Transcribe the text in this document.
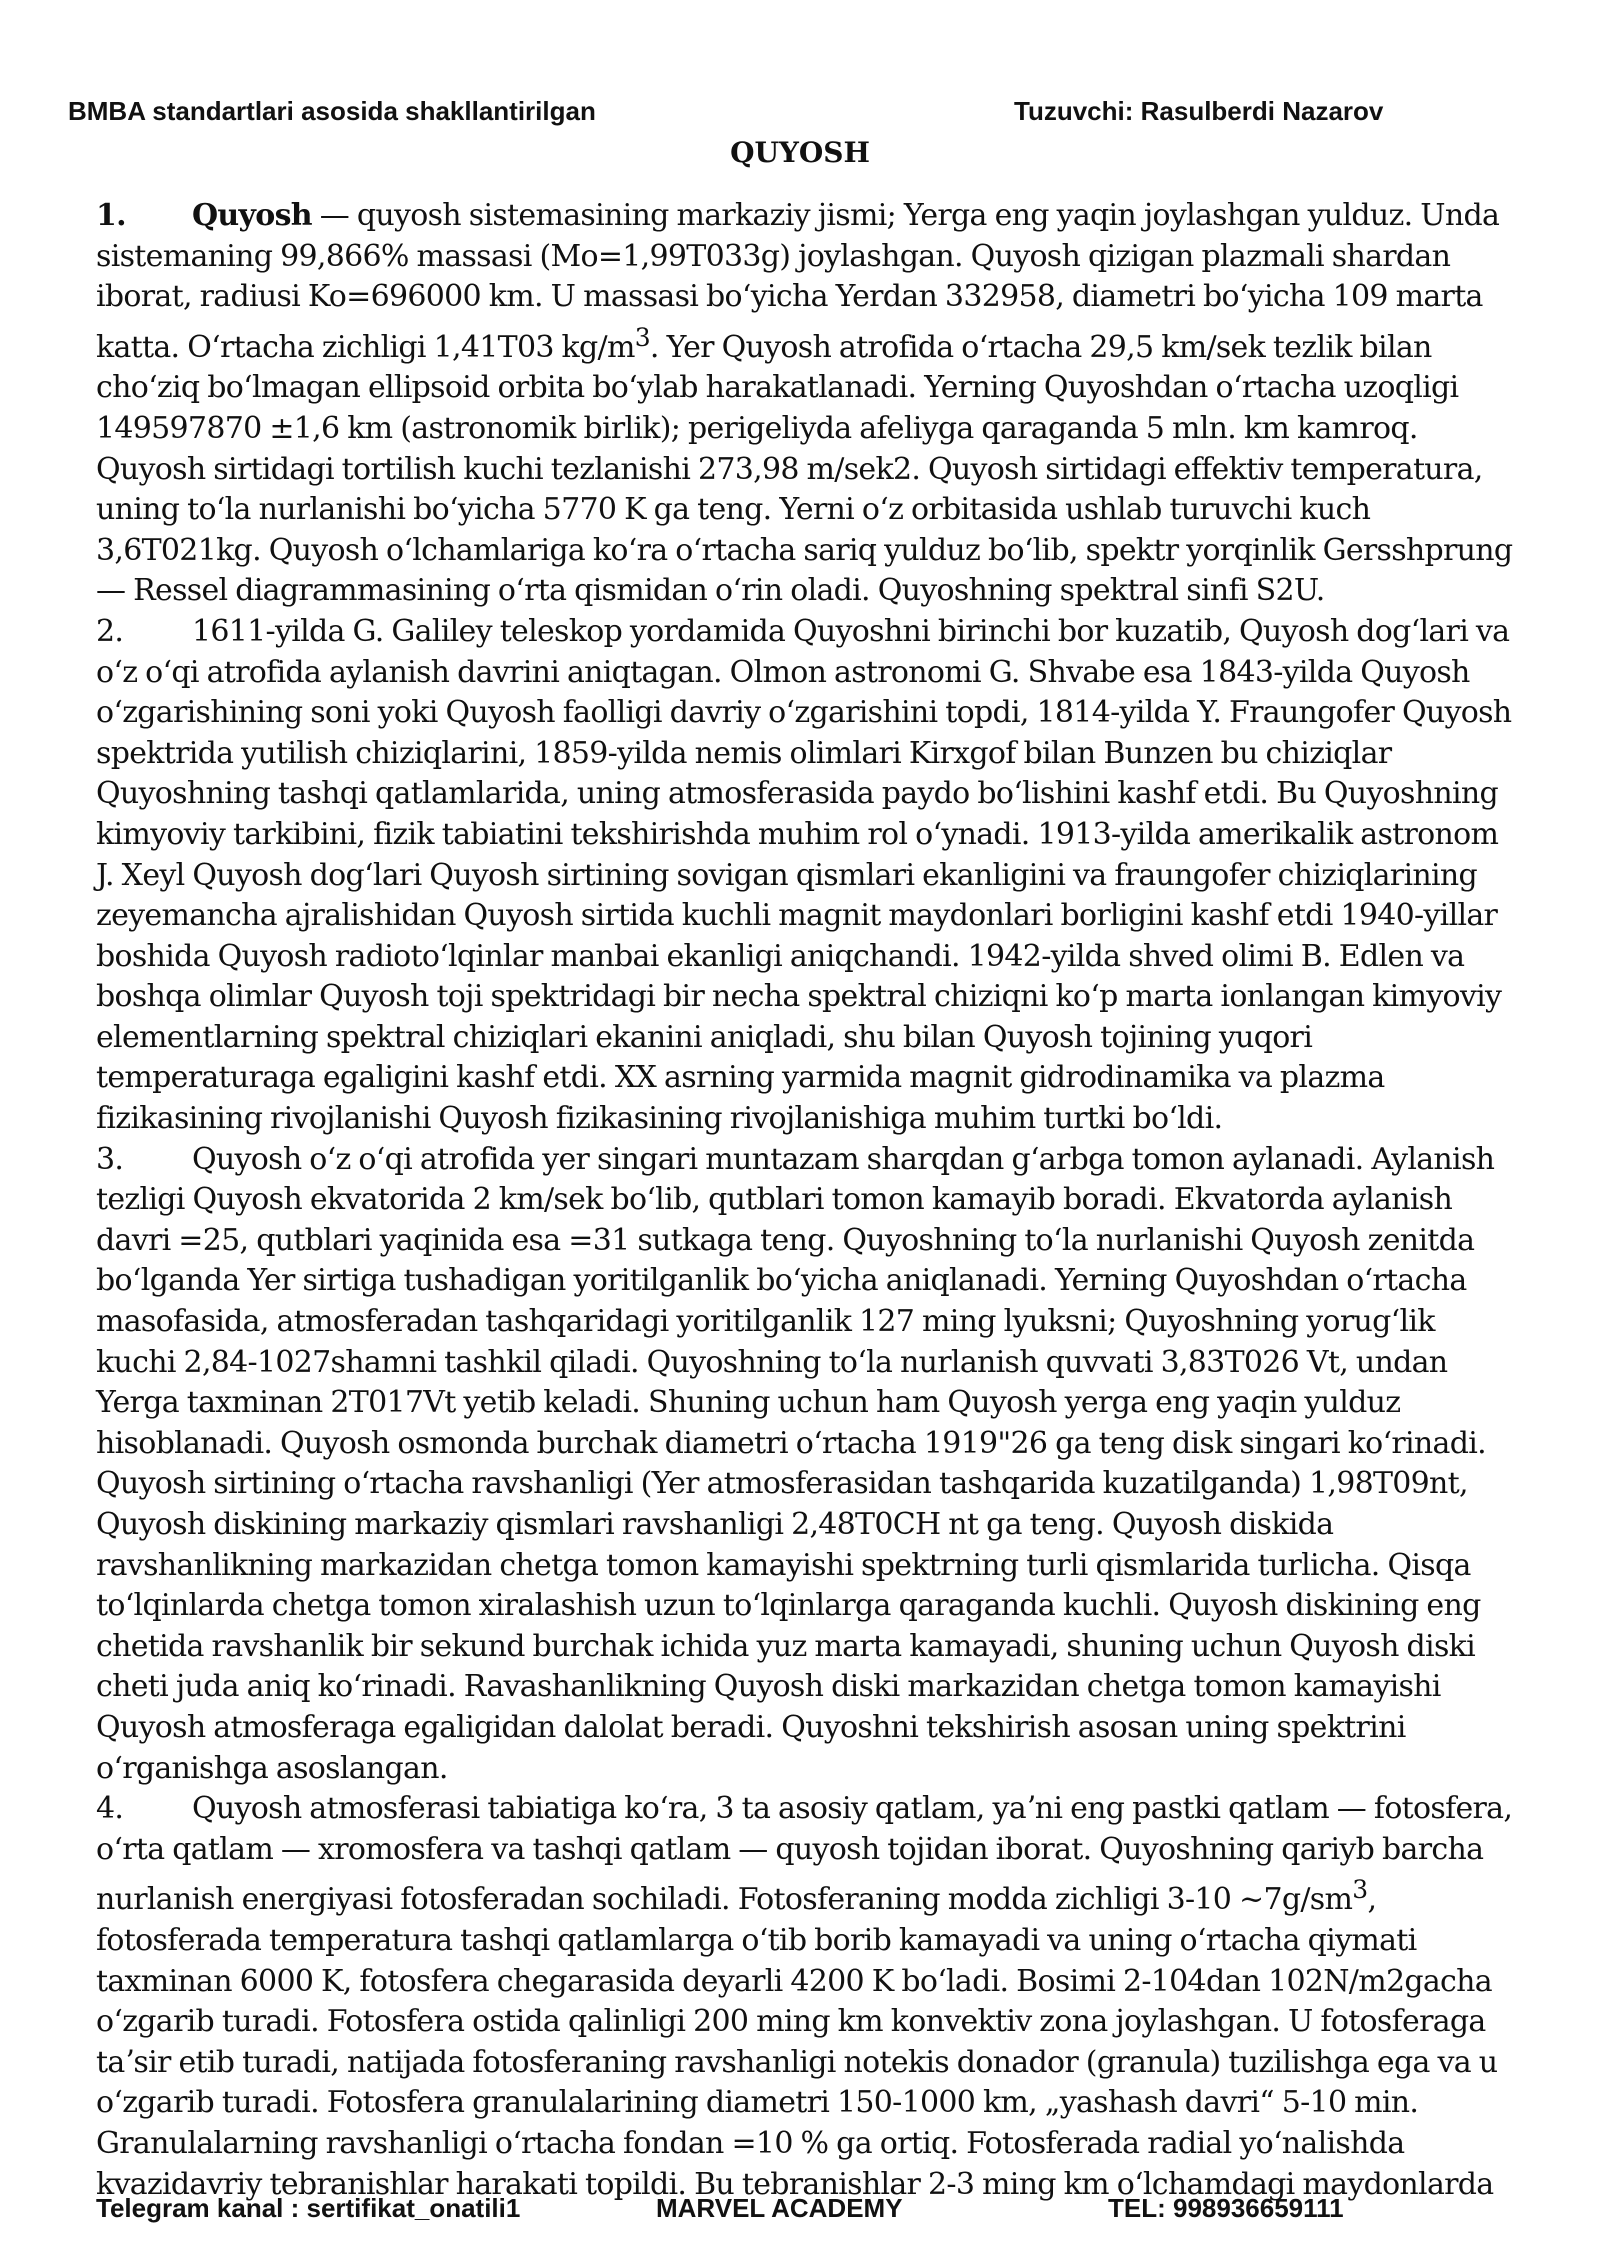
BMBA standartlari asosida shakllantirilgan	Tuzuvchi: Rasulberdi Nazarov
QUYOSH

1. Quyosh — quyosh sistemasining markaziy jismi; Yerga eng yaqin joylashgan yulduz. Unda sistemaning 99,866% massasi (Mo=1,99T033g) joylashgan. Quyosh qizigan plazmali shardan iborat, radiusi Ko=696000 km. U massasi boʻyicha Yerdan 332958, diametri boʻyicha 109 marta katta. Oʻrtacha zichligi 1,41T03 $kg/m^3$. Yer Quyosh atrofida oʻrtacha 29,5 km/sek tezlik bilan choʻziq boʻlmagan ellipsoid orbita boʻylab harakatlanadi. Yerning Quyoshdan oʻrtacha uzoqligi 149597870 ±1,6 km (astronomik birlik); perigeliyda afeliyga qaraganda 5 mln. km kamroq. Quyosh sirtidagi tortilish kuchi tezlanishi 273,98 m/sek2. Quyosh sirtidagi effektiv temperatura, uning toʻla nurlanishi boʻyicha 5770 K ga teng. Yerni oʻz orbitasida ushlab turuvchi kuch 3,6T021kg. Quyosh oʻlchamlariga koʻra oʻrtacha sariq yulduz boʻlib, spektr yorqinlik Gersshprung — Ressel diagrammasining oʻrta qismidan oʻrin oladi. Quyoshning spektral sinfi S2U.

2. 1611-yilda G. Galiley teleskop yordamida Quyoshni birinchi bor kuzatib, Quyosh dogʻlari va oʻz oʻqi atrofida aylanish davrini aniqtagan. Olmon astronomi G. Shvabe esa 1843-yilda Quyosh oʻzgarishining soni yoki Quyosh faolligi davriy oʻzgarishini topdi, 1814-yilda Y. Fraungofer Quyosh spektrida yutilish chiziqlarini, 1859-yilda nemis olimlari Kirxgof bilan Bunzen bu chiziqlar Quyoshning tashqi qatlamlarida, uning atmosferasida paydo boʻlishini kashf etdi. Bu Quyoshning kimyoviy tarkibini, fizik tabiatini tekshirishda muhim rol oʻynadi. 1913-yilda amerikalik astronom J. Xeyl Quyosh dogʻlari Quyosh sirtining sovigan qismlari ekanligini va fraungofer chiziqlarining zeyemancha ajralishidan Quyosh sirtida kuchli magnit maydonlari borligini kashf etdi 1940-yillar boshida Quyosh radiotoʻlqinlar manbai ekanligi aniqchandi. 1942-yilda shved olimi B. Edlen va boshqa olimlar Quyosh toji spektridagi bir necha spektral chiziqni koʻp marta ionlangan kimyoviy elementlarning spektral chiziqlari ekanini aniqladi, shu bilan Quyosh tojining yuqori temperaturaga egaligini kashf etdi. XX asrning yarmida magnit gidrodinamika va plazma fizikasining rivojlanishi Quyosh fizikasining rivojlanishiga muhim turtki boʻldi.

3. Quyosh oʻz oʻqi atrofida yer singari muntazam sharqdan gʻarbga tomon aylanadi. Aylanish tezligi Quyosh ekvatorida 2 km/sek boʻlib, qutblari tomon kamayib boradi. Ekvatorda aylanish davri =25, qutblari yaqinida esa =31 sutkaga teng. Quyoshning toʻla nurlanishi Quyosh zenitda boʻlganda Yer sirtiga tushadigan yoritilganlik boʻyicha aniqlanadi. Yerning Quyoshdan oʻrtacha masofasida, atmosferadan tashqaridagi yoritilganlik 127 ming lyuksni; Quyoshning yorugʻlik kuchi 2,84-1027shamni tashkil qiladi. Quyoshning toʻla nurlanish quvvati 3,83T026 Vt, undan Yerga taxminan 2T017Vt yetib keladi. Shuning uchun ham Quyosh yerga eng yaqin yulduz hisoblanadi. Quyosh osmonda burchak diametri oʻrtacha 1919"26 ga teng disk singari koʻrinadi. Quyosh sirtining oʻrtacha ravshanligi (Yer atmosferasidan tashqarida kuzatilganda) 1,98T09nt, Quyosh diskining markaziy qismlari ravshanligi 2,48T0CH nt ga teng. Quyosh diskida ravshanlikning markazidan chetga tomon kamayishi spektrning turli qismlarida turlicha. Qisqa toʻlqinlarda chetga tomon xiralashish uzun toʻlqinlarga qaraganda kuchli. Quyosh diskining eng chetida ravshanlik bir sekund burchak ichida yuz marta kamayadi, shuning uchun Quyosh diski cheti juda aniq koʻrinadi. Ravashanlikning Quyosh diski markazidan chetga tomon kamayishi Quyosh atmosferaga egaligidan dalolat beradi. Quyoshni tekshirish asosan uning spektrini oʻrganishga asoslangan.

4. Quyosh atmosferasi tabiatiga koʻra, 3 ta asosiy qatlam, yaʼni eng pastki qatlam — fotosfera, oʻrta qatlam — xromosfera va tashqi qatlam — quyosh tojidan iborat. Quyoshning qariyb barcha nurlanish energiyasi fotosferadan sochiladi. Fotosferaning modda zichligi 3-10 $\sim 7g/sm^3$, fotosferada temperatura tashqi qatlamlarga oʻtib borib kamayadi va uning oʻrtacha qiymati taxminan 6000 K, fotosfera chegarasida deyarli 4200 K boʻladi. Bosimi 2-104dan 102N/m2gacha oʻzgarib turadi. Fotosfera ostida qalinligi 200 ming km konvektiv zona joylashgan. U fotosferaga taʼsir etib turadi, natijada fotosferaning ravshanligi notekis donador (granula) tuzilishga ega va u oʻzgarib turadi. Fotosfera granulalarining diametri 150-1000 km, „yashash davri“ 5-10 min. Granulalarning ravshanligi oʻrtacha fondan =10 % ga ortiq. Fotosferada radial yoʻnalishda kvazidavriy tebranishlar harakati topildi. Bu tebranishlar 2-3 ming km oʻlchamdagi maydonlarda

Telegram kanal : sertifikat_onatili1	MARVEL ACADEMY	TEL: 998936659111
